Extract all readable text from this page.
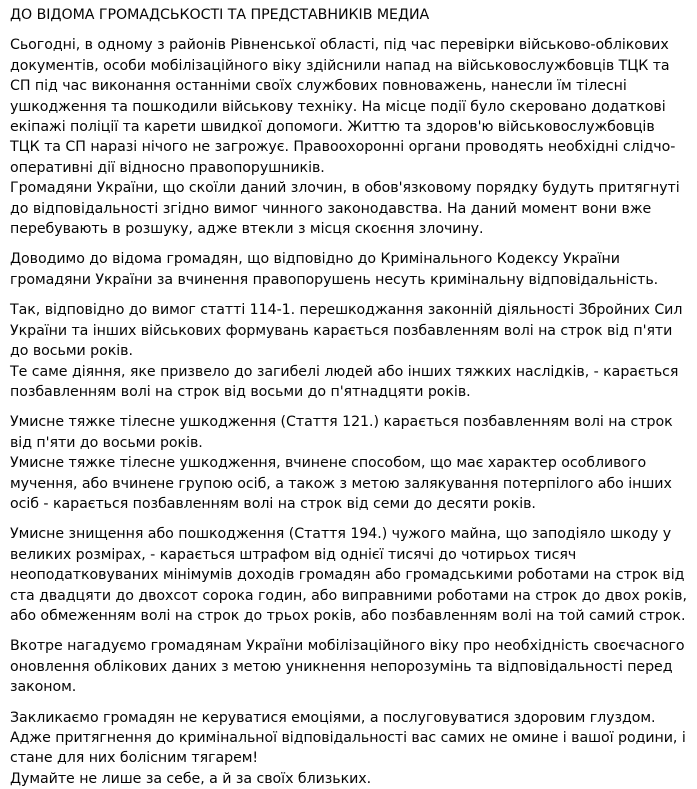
ДО ВІДОМА ГРОМАДСЬКОСТІ ТА ПРЕДСТАВНИКІВ МЕДИА
Сьогодні, в одному з районів Рівненської області, під час перевірки військово-облікових документів, особи мобілізаційного віку здійснили напад на військовослужбовців ТЦК та СП під час виконання останніми своїх службових повноважень, нанесли їм тілесні ушкодження та пошкодили військову техніку. На місце події було скеровано додаткові екіпажі поліції та карети швидкої допомоги. Життю та здоров'ю військовослужбовців ТЦК та СП наразі нічого не загрожує. Правоохоронні органи проводять необхідні слідчо-оперативні дії відносно правопорушників.
Громадяни України, що скоїли даний злочин, в обов'язковому порядку будуть притягнуті до відповідальності згідно вимог чинного законодавства. На даний момент вони вже перебувають в розшуку, адже втекли з місця скоєння злочину.
Доводимо до відома громадян, що відповідно до Кримінального Кодексу України громадяни України за вчинення правопорушень несуть кримінальну відповідальність.
Так, відповідно до вимог статті 114-1. перешкоджання законній діяльності Збройних Сил України та інших військових формувань карається позбавленням волі на строк від п'яти до восьми років.
Те саме діяння, яке призвело до загибелі людей або інших тяжких наслідків, - карається позбавленням волі на строк від восьми до п'ятнадцяти років.
Умисне тяжке тілесне ушкодження (Стаття 121.) карається позбавленням волі на строк від п'яти до восьми років.
Умисне тяжке тілесне ушкодження, вчинене способом, що має характер особливого мучення, або вчинене групою осіб, а також з метою залякування потерпілого або інших осіб - карається позбавленням волі на строк від семи до десяти років.
Умисне знищення або пошкодження (Стаття 194.) чужого майна, що заподіяло шкоду у великих розмірах, - карається штрафом від однієї тисячі до чотирьох тисяч неоподатковуваних мінімумів доходів громадян або громадськими роботами на строк від ста двадцяти до двохсот сорока годин, або виправними роботами на строк до двох років, або обмеженням волі на строк до трьох років, або позбавленням волі на той самий строк.
Вкотре нагадуємо громадянам України мобілізаційного віку про необхідність своєчасного оновлення облікових даних з метою уникнення непорозумінь та відповідальності перед законом.
Закликаємо громадян не керуватися емоціями, а послуговуватися здоровим глуздом. Адже притягнення до кримінальної відповідальності вас самих не омине і вашої родини, і стане для них болісним тягарем!
Думайте не лише за себе, а й за своїх близьких.
